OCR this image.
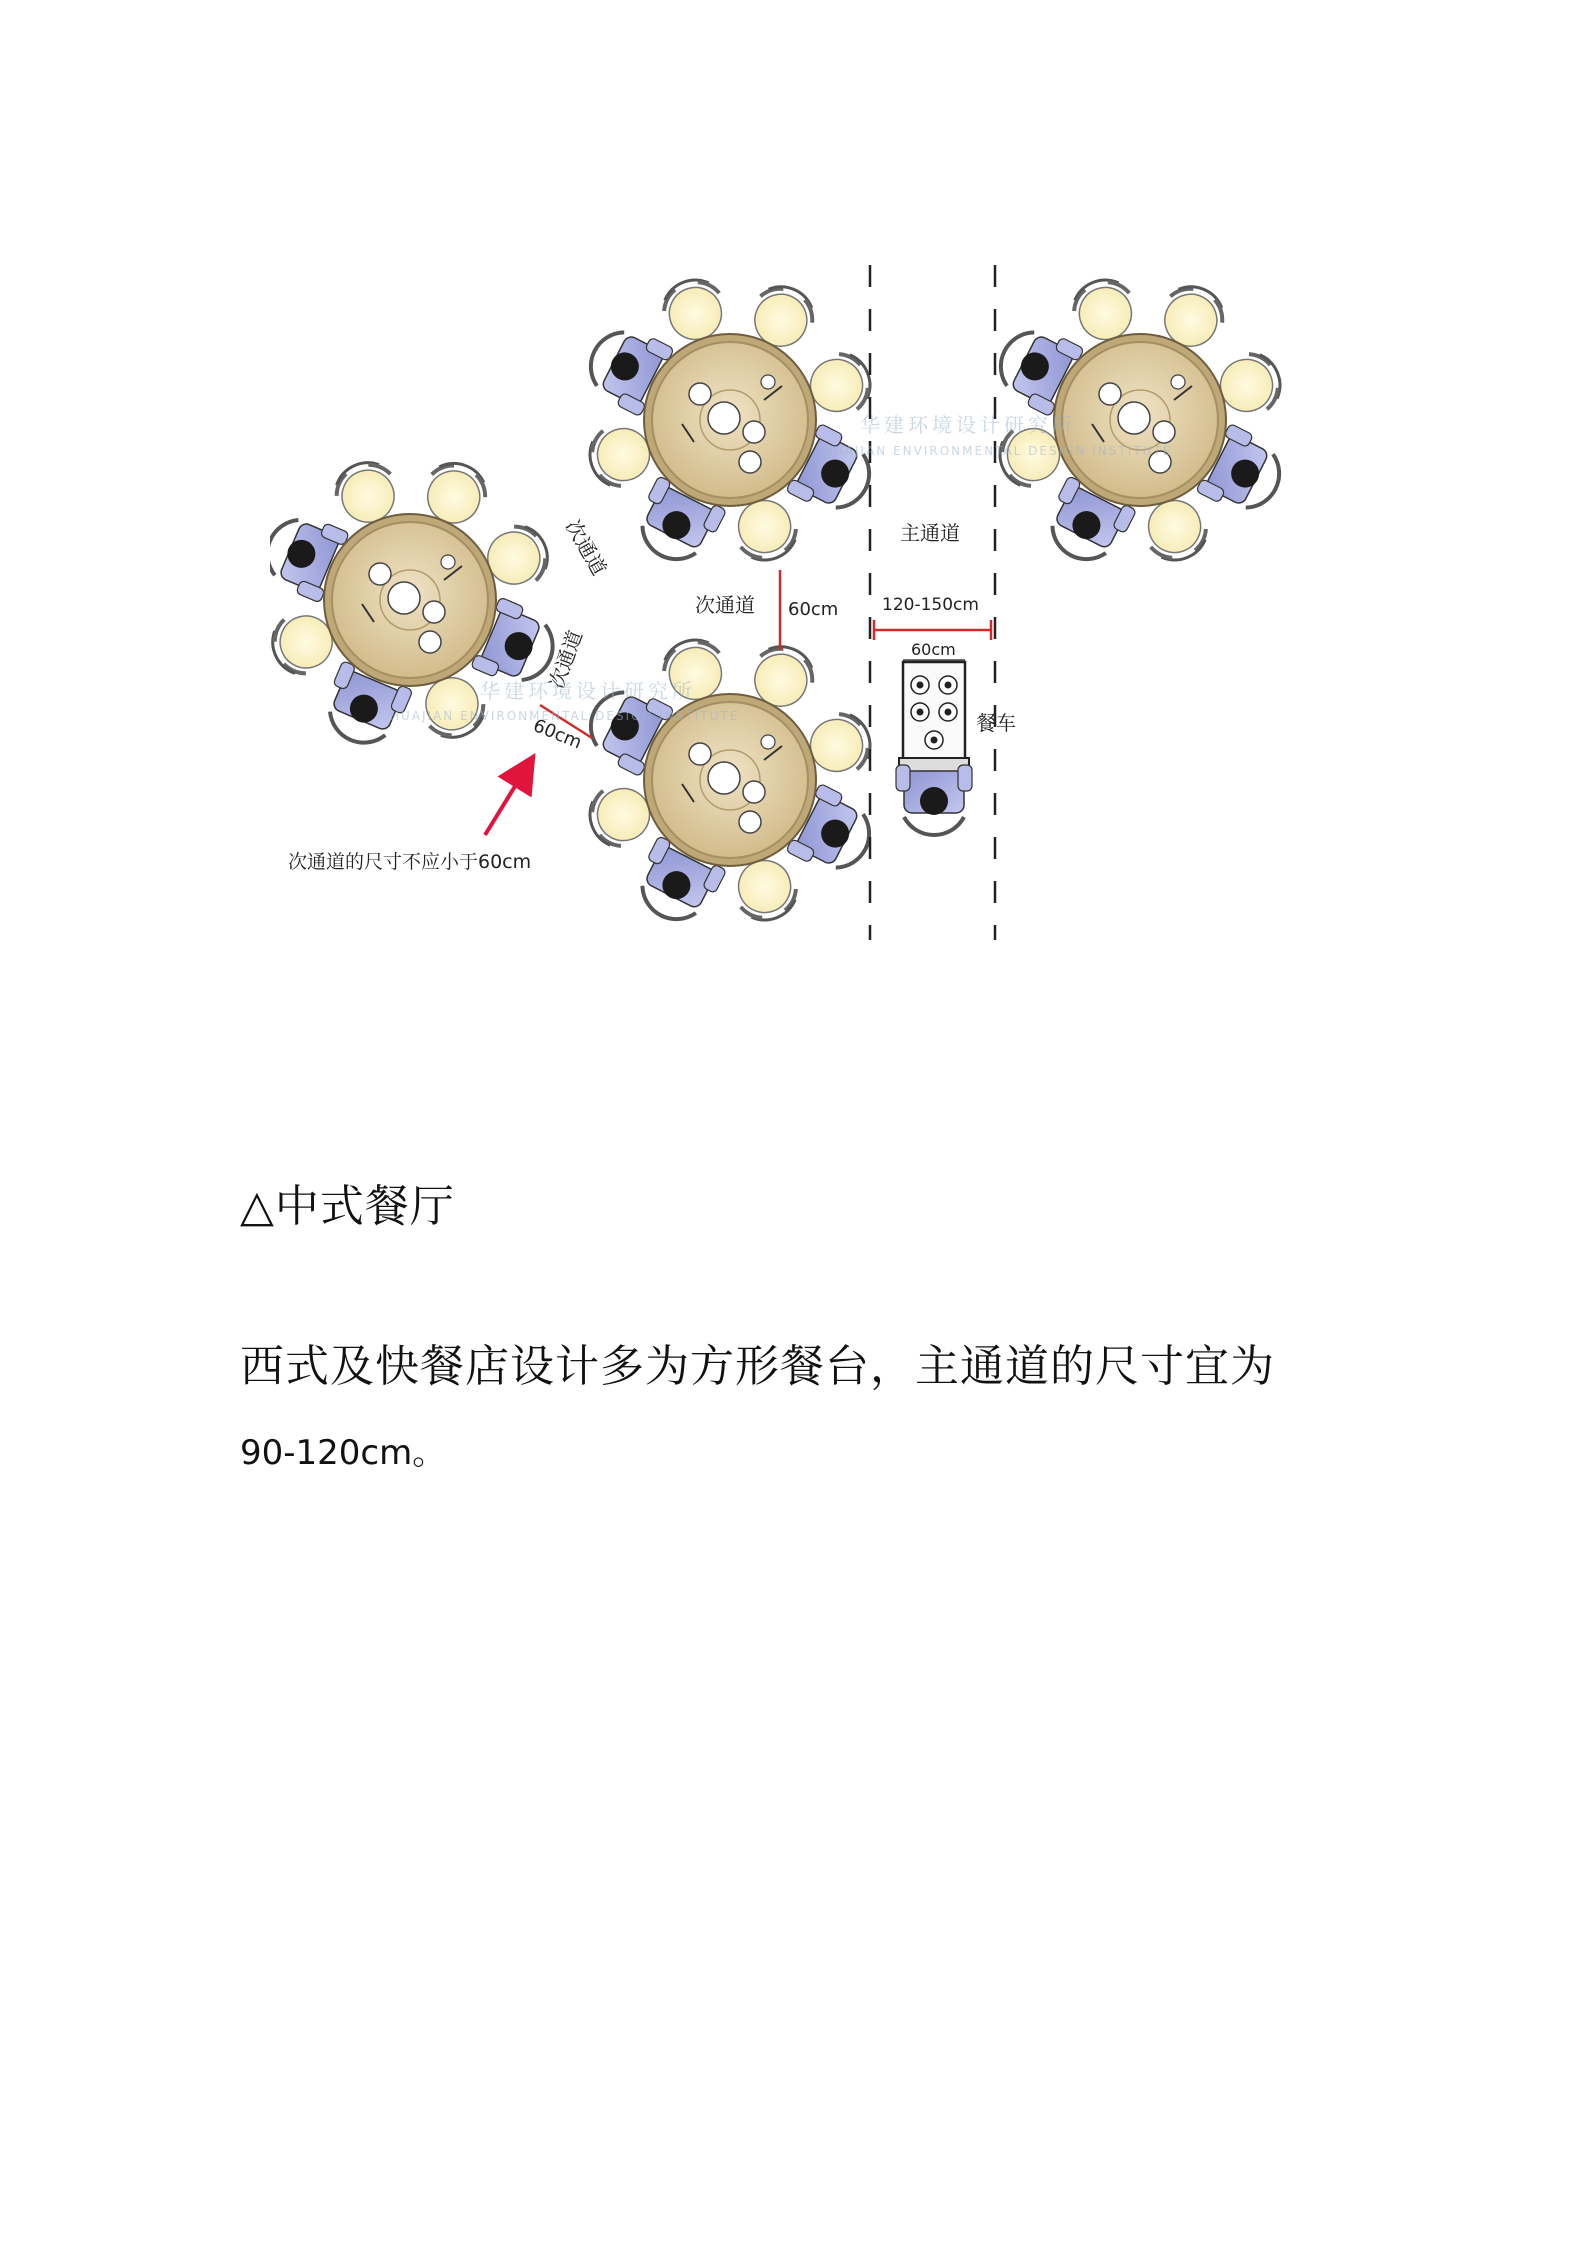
120-150cm
60cm
次通道
60cm
次通道
次通道	主通道
60cm
餐车
次通道的尺寸不应小于60cm
华建环境设计研究所
HUAJIAN ENVIRONMENTAL DESIGN INSTITUTE
华建环境设计研究所
HUAJIAN ENVIRONMENTAL DESIGN INSTITUTE
△中式餐厅
西式及快餐店设计多为方形餐台，主通道的尺寸宜为
90-120cm。
